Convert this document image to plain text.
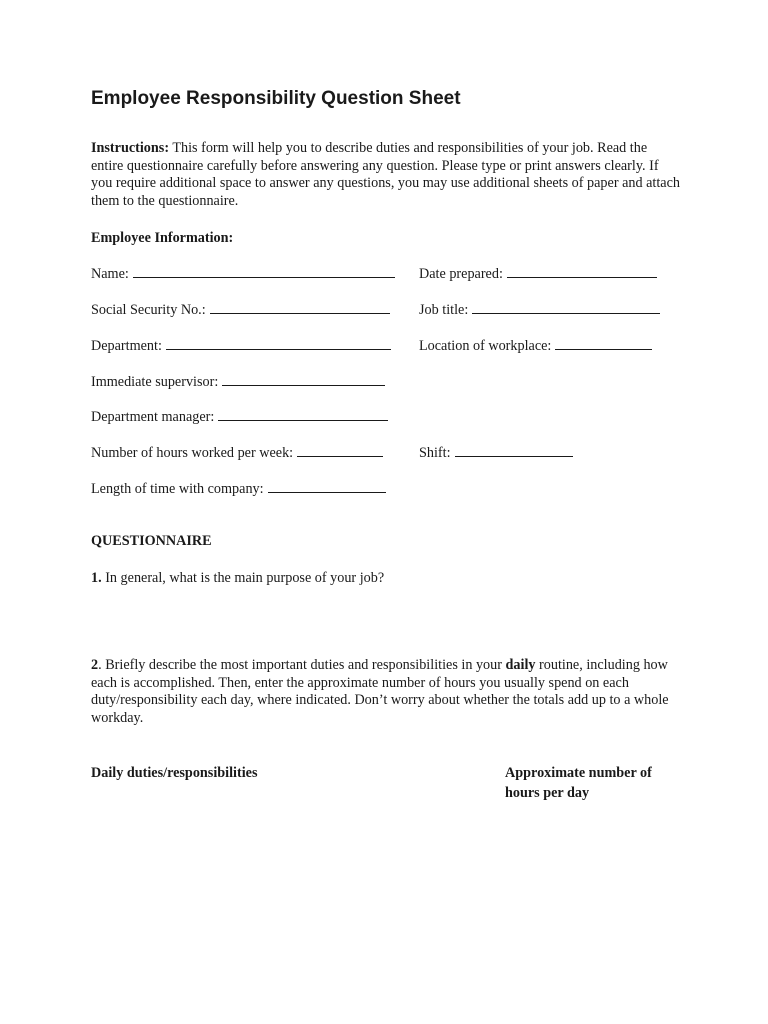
Employee Responsibility Question Sheet
Instructions: This form will help you to describe duties and responsibilities of your job. Read the entire questionnaire carefully before answering any question. Please type or print answers clearly. If you require additional space to answer any questions, you may use additional sheets of paper and attach them to the questionnaire.
Employee Information:
Name:	Date prepared:
Social Security No.:	Job title:
Department:	Location of workplace:
Immediate supervisor:
Department manager:
Number of hours worked per week:	Shift:
Length of time with company:
QUESTIONNAIRE
1. In general, what is the main purpose of your job?
2. Briefly describe the most important duties and responsibilities in your daily routine, including how each is accomplished. Then, enter the approximate number of hours you usually spend on each duty/responsibility each day, where indicated. Don’t worry about whether the totals add up to a whole workday.
Daily duties/responsibilities	Approximate number of hours per day
